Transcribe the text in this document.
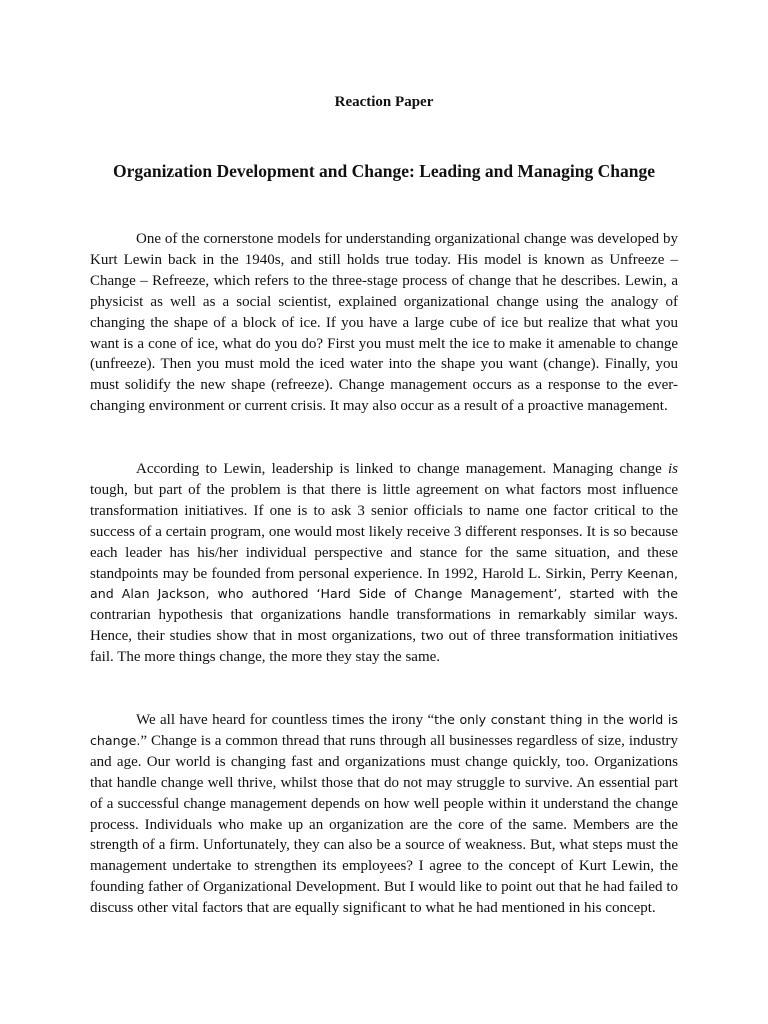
Reaction Paper
Organization Development and Change: Leading and Managing Change

One of the cornerstone models for understanding organizational change was developed by Kurt Lewin back in the 1940s, and still holds true today. His model is known as Unfreeze – Change – Refreeze, which refers to the three-stage process of change that he describes. Lewin, a physicist as well as a social scientist, explained organizational change using the analogy of changing the shape of a block of ice. If you have a large cube of ice but realize that what you want is a cone of ice, what do you do? First you must melt the ice to make it amenable to change (unfreeze). Then you must mold the iced water into the shape you want (change). Finally, you must solidify the new shape (refreeze). Change management occurs as a response to the ever-changing environment or current crisis. It may also occur as a result of a proactive management.

According to Lewin, leadership is linked to change management. Managing change is tough, but part of the problem is that there is little agreement on what factors most influence transformation initiatives. If one is to ask 3 senior officials to name one factor critical to the success of a certain program, one would most likely receive 3 different responses. It is so because each leader has his/her individual perspective and stance for the same situation, and these standpoints may be founded from personal experience. In 1992, Harold L. Sirkin, Perry Keenan, and Alan Jackson, who authored ‘Hard Side of Change Management’, started with the contrarian hypothesis that organizations handle transformations in remarkably similar ways. Hence, their studies show that in most organizations, two out of three transformation initiatives fail. The more things change, the more they stay the same.

We all have heard for countless times the irony “the only constant thing in the world is change.” Change is a common thread that runs through all businesses regardless of size, industry and age. Our world is changing fast and organizations must change quickly, too. Organizations that handle change well thrive, whilst those that do not may struggle to survive. An essential part of a successful change management depends on how well people within it understand the change process. Individuals who make up an organization are the core of the same. Members are the strength of a firm. Unfortunately, they can also be a source of weakness. But, what steps must the management undertake to strengthen its employees? I agree to the concept of Kurt Lewin, the founding father of Organizational Development. But I would like to point out that he had failed to discuss other vital factors that are equally significant to what he had mentioned in his concept.
